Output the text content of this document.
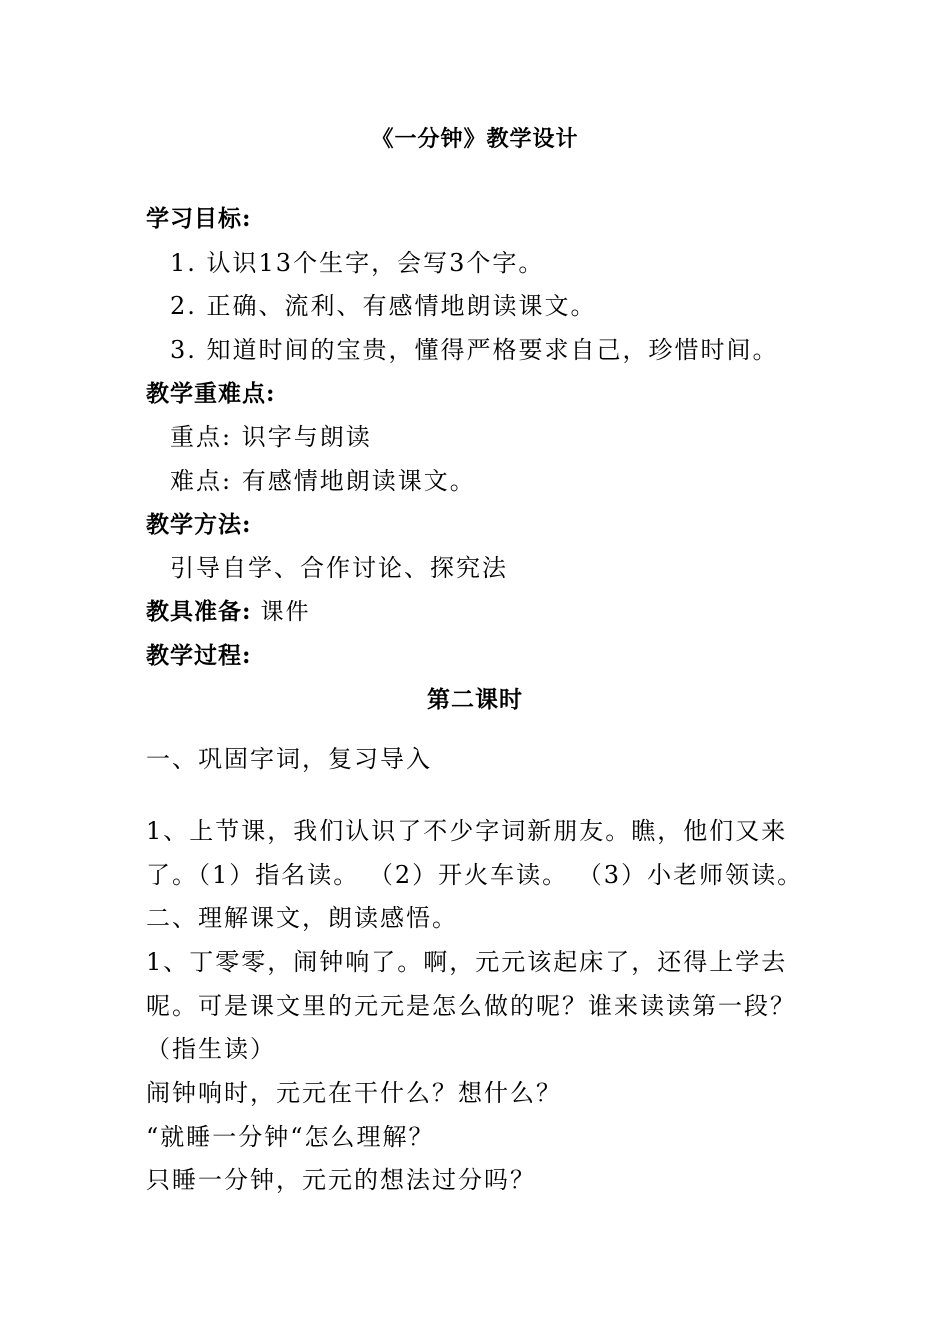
《一分钟》教学设计
学习目标:
1. 认识13个生字，会写3个字。
2. 正确、流利、有感情地朗读课文。
3. 知道时间的宝贵，懂得严格要求自己，珍惜时间。
教学重难点:
重点: 识字与朗读
难点: 有感情地朗读课文。
教学方法:
引导自学、合作讨论、探究法
教具准备: 课件
教学过程:
第二课时
一、巩固字词，复习导入
1、上节课，我们认识了不少字词新朋友。瞧，他们又来
了。（1）指名读。 （2）开火车读。 （3）小老师领读。
二、理解课文，朗读感悟。
1、丁零零，闹钟响了。啊，元元该起床了，还得上学去
呢。可是课文里的元元是怎么做的呢？谁来读读第一段？
（指生读）
闹钟响时，元元在干什么？想什么？
“就睡一分钟“怎么理解？
只睡一分钟，元元的想法过分吗？
